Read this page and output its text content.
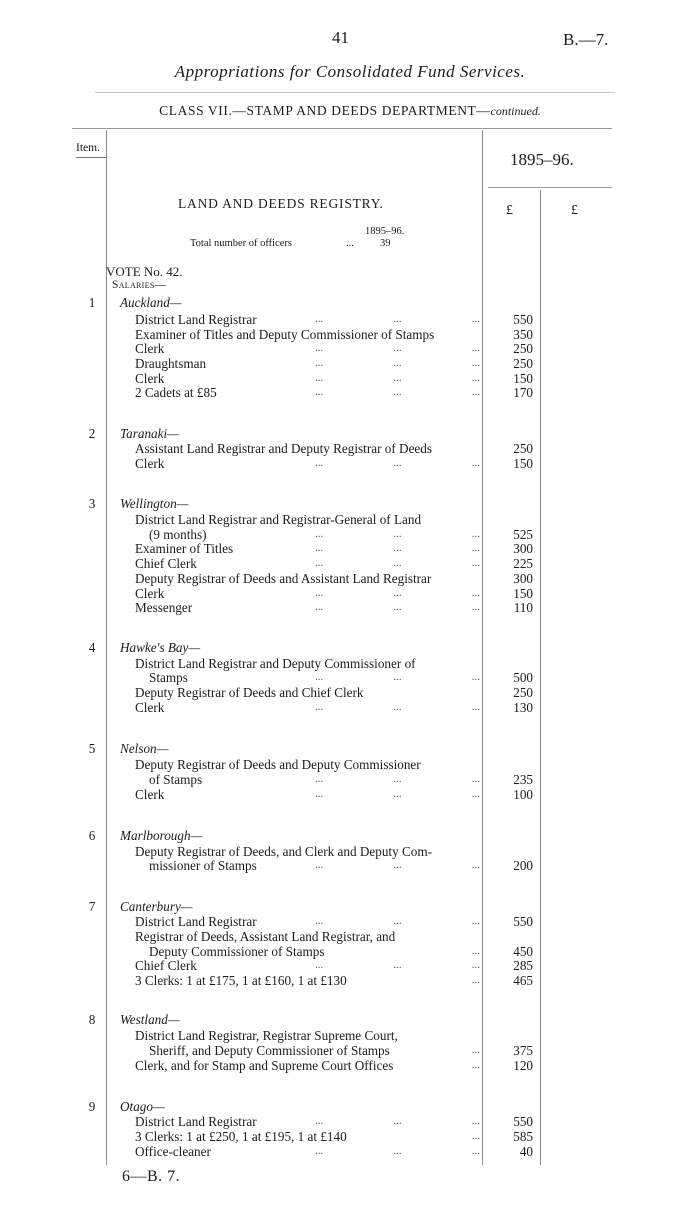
41	B.—7.
Appropriations for Consolidated Fund Services.
CLASS VII.—STAMP AND DEEDS DEPARTMENT—continued.
Item.
1895–96.
£	£
LAND AND DEEDS REGISTRY.
1895–96.
Total number of officers	... 39
VOTE No. 42.
Salaries—
1	Auckland—
District Land Registrar	...	...	...	550
Examiner of Titles and Deputy Commissioner of Stamps	350
Clerk	...	...	...	250
Draughtsman	...	...	...	250
Clerk	...	...	...	150
2 Cadets at £85	...	...	...	170
2	Taranaki—
Assistant Land Registrar and Deputy Registrar of Deeds	250
Clerk	...	...	...	150
3	Wellington—
District Land Registrar and Registrar-General of Land
(9 months)	...	...	...	525
Examiner of Titles	...	...	...	300
Chief Clerk	...	...	...	225
Deputy Registrar of Deeds and Assistant Land Registrar	300
Clerk	...	...	...	150
Messenger	...	...	...	110
4	Hawke's Bay—
District Land Registrar and Deputy Commissioner of
Stamps	...	...	...	500
Deputy Registrar of Deeds and Chief Clerk	250
Clerk	...	...	...	130
5	Nelson—
Deputy Registrar of Deeds and Deputy Commissioner
of Stamps	...	...	...	235
Clerk	...	...	...	100
6	Marlborough—
Deputy Registrar of Deeds, and Clerk and Deputy Com-
missioner of Stamps	...	...	...	200
7	Canterbury—
District Land Registrar	...	...	...	550
Registrar of Deeds, Assistant Land Registrar, and
Deputy Commissioner of Stamps	...	450
Chief Clerk	...	...	...	285
3 Clerks: 1 at £175, 1 at £160, 1 at £130	...	465
8	Westland—
District Land Registrar, Registrar Supreme Court,
Sheriff, and Deputy Commissioner of Stamps	...	375
Clerk, and for Stamp and Supreme Court Offices	...	120
9	Otago—
District Land Registrar	...	...	...	550
3 Clerks: 1 at £250, 1 at £195, 1 at £140	...	585
Office-cleaner	...	...	...	40
6—B. 7.
